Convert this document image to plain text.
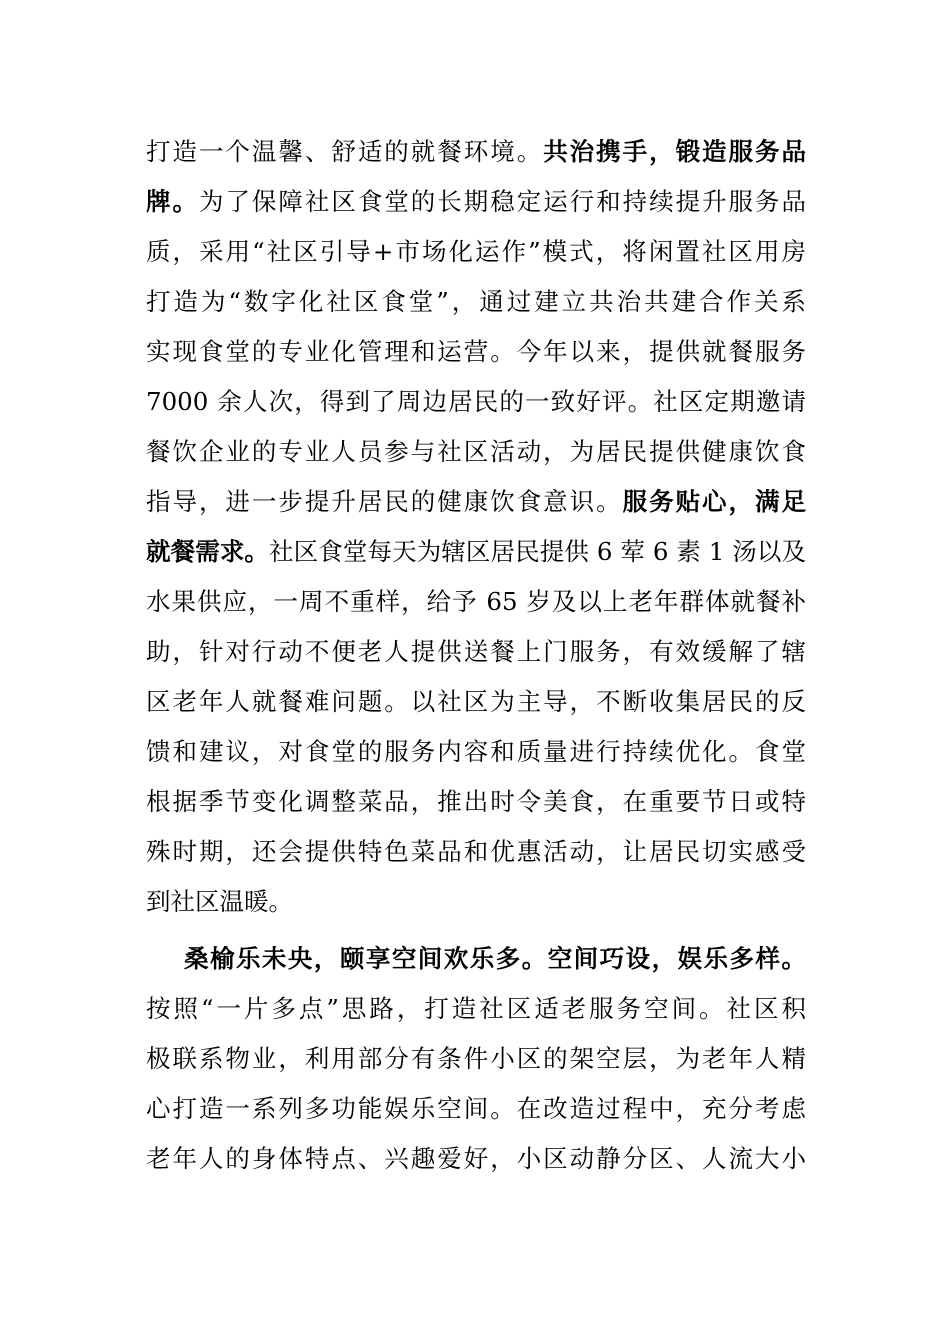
打造一个温馨、舒适的就餐环境。共治携手，锻造服务品
牌。为了保障社区食堂的长期稳定运行和持续提升服务品
质，采用“社区引导+市场化运作”模式，将闲置社区用房
打造为“数字化社区食堂”，通过建立共治共建合作关系
实现食堂的专业化管理和运营。今年以来，提供就餐服务
7000 余人次，得到了周边居民的一致好评。社区定期邀请
餐饮企业的专业人员参与社区活动，为居民提供健康饮食
指导，进一步提升居民的健康饮食意识。服务贴心，满足
就餐需求。社区食堂每天为辖区居民提供 6 荤 6 素 1 汤以及
水果供应，一周不重样，给予 65 岁及以上老年群体就餐补
助，针对行动不便老人提供送餐上门服务，有效缓解了辖
区老年人就餐难问题。以社区为主导，不断收集居民的反
馈和建议，对食堂的服务内容和质量进行持续优化。食堂
根据季节变化调整菜品，推出时令美食，在重要节日或特
殊时期，还会提供特色菜品和优惠活动，让居民切实感受
到社区温暖。
桑榆乐未央，颐享空间欢乐多。空间巧设，娱乐多样。
按照“一片多点”思路，打造社区适老服务空间。社区积
极联系物业，利用部分有条件小区的架空层，为老年人精
心打造一系列多功能娱乐空间。在改造过程中，充分考虑
老年人的身体特点、兴趣爱好，小区动静分区、人流大小
